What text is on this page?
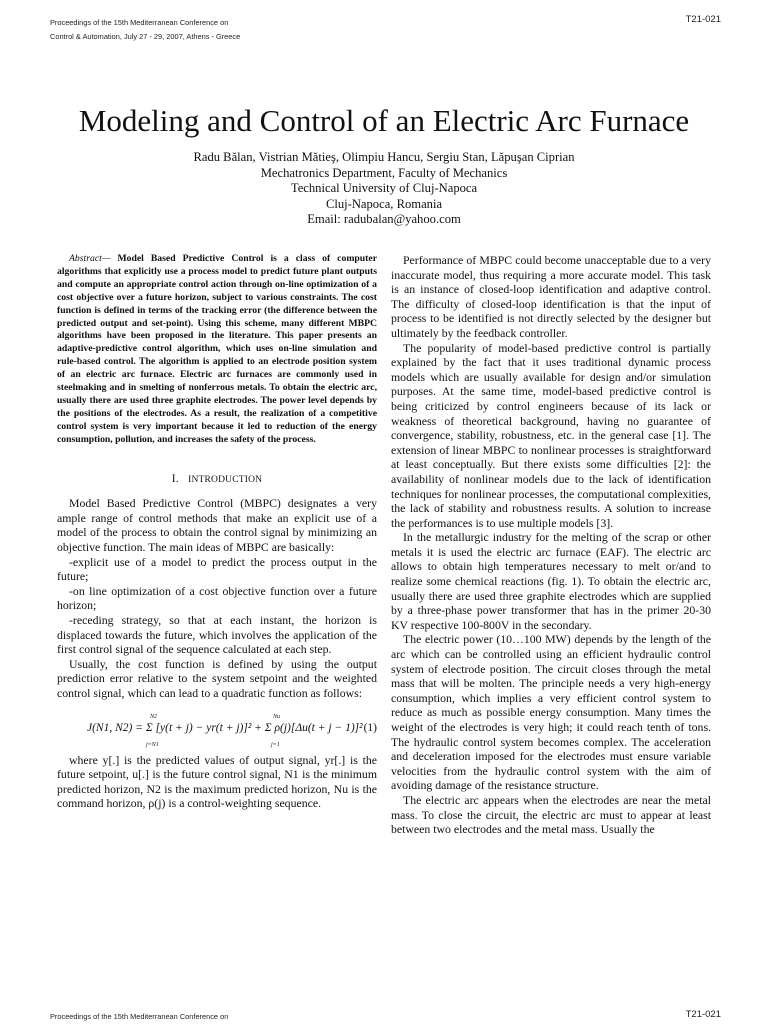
Proceedings of the 15th Mediterranean Conference on
Control & Automation, July 27 - 29, 2007, Athens - Greece
T21-021
Modeling and Control of an Electric Arc Furnace
Radu Bălan, Vistrian Mătieş, Olimpiu Hancu, Sergiu Stan, Lăpuşan Ciprian
Mechatronics Department, Faculty of Mechanics
Technical University of Cluj-Napoca
Cluj-Napoca, Romania
Email: radubalan@yahoo.com

Abstract— Model Based Predictive Control is a class of computer algorithms that explicitly use a process model to predict future plant outputs and compute an appropriate control action through on-line optimization of a cost objective over a future horizon, subject to various constraints. The cost function is defined in terms of the tracking error (the difference between the predicted output and set-point). Using this scheme, many different MBPC algorithms have been proposed in the literature. This paper presents an adaptive-predictive control algorithm, which uses on-line simulation and rule-based control. The algorithm is applied to an electrode position system of an electric arc furnace. Electric arc furnaces are commonly used in steelmaking and in smelting of nonferrous metals. To obtain the electric arc, usually there are used three graphite electrodes. The power level depends by the positions of the electrodes. As a result, the realization of a competitive control system is very important because it led to reduction of the energy consumption, pollution, and increases the safety of the process.

I. INTRODUCTION

Model Based Predictive Control (MBPC) designates a very ample range of control methods that make an explicit use of a model of the process to obtain the control signal by minimizing an objective function. The main ideas of MBPC are basically:

-explicit use of a model to predict the process output in the future;

-on line optimization of a cost objective function over a future horizon;

-receding strategy, so that at each instant, the horizon is displaced towards the future, which involves the application of the first control signal of the sequence calculated at each step.

Usually, the cost function is defined by using the output prediction error relative to the system setpoint and the weighted control signal, which can lead to a quadratic function as follows:

N2
j=N1
Nu
j=1
J(N1, N2) = Σ [y(t + j) − yr(t + j)]² + Σ ρ(j)[Δu(t + j − 1)]² (1)

where y[.] is the predicted values of output signal, yr[.] is the future setpoint, u[.] is the future control signal, N1 is the minimum predicted horizon, N2 is the maximum predicted horizon, Nu is the command horizon, ρ(j) is a control-weighting sequence.

Performance of MBPC could become unacceptable due to a very inaccurate model, thus requiring a more accurate model. This task is an instance of closed-loop identification and adaptive control. The difficulty of closed-loop identification is that the input of process to be identified is not directly selected by the designer but ultimately by the feedback controller.

The popularity of model-based predictive control is partially explained by the fact that it uses traditional dynamic process models which are usually available for design and/or simulation purposes. At the same time, model-based predictive control is being criticized by control engineers because of its lack or weakness of theoretical background, having no guarantee of convergence, stability, robustness, etc. in the general case [1]. The extension of linear MBPC to nonlinear processes is straightforward at least conceptually. But there exists some difficulties [2]: the availability of nonlinear models due to the lack of identification techniques for nonlinear processes, the computational complexities, the lack of stability and robustness results. A solution to increase the performances is to use multiple models [3].

In the metallurgic industry for the melting of the scrap or other metals it is used the electric arc furnace (EAF). The electric arc allows to obtain high temperatures necessary to melt or/and to realize some chemical reactions (fig. 1). To obtain the electric arc, usually there are used three graphite electrodes which are supplied by a three-phase power transformer that has in the primer 20-30 KV respective 100-800V in the secondary.

The electric power (10…100 MW) depends by the length of the arc which can be controlled using an efficient hydraulic control system of electrode position. The circuit closes through the metal mass that will be molten. The principle needs a very high-energy consumption, which implies a very efficient control system to reduce as much as possible energy consumption. Many times the weight of the electrodes is very high; it could reach tenth of tons. The hydraulic control system becomes complex. The acceleration and deceleration imposed for the electrodes must ensure variable velocities from the hydraulic control system with the aim of avoiding damage of the resistance structure.

The electric arc appears when the electrodes are near the metal mass. To close the circuit, the electric arc must to appear at least between two electrodes and the metal mass. Usually the

Proceedings of the 15th Mediterranean Conference on	T21-021
